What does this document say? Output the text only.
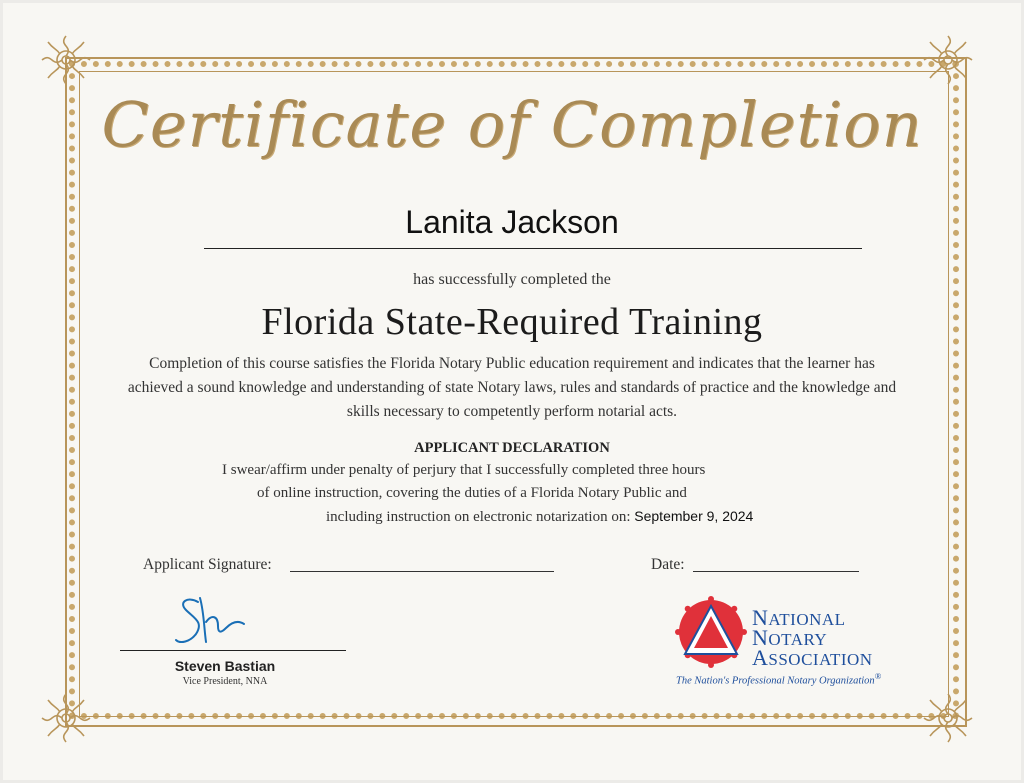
Certificate of Completion
Lanita Jackson
has successfully completed the
Florida State-Required Training
Completion of this course satisfies the Florida Notary Public education requirement and indicates that the learner has achieved a sound knowledge and understanding of state Notary laws, rules and standards of practice and the knowledge and skills necessary to competently perform notarial acts.
APPLICANT DECLARATION
I swear/affirm under penalty of perjury that I successfully completed three hours
of online instruction, covering the duties of a Florida Notary Public and
including instruction on electronic notarization on: September 9, 2024
Applicant Signature:	Date:
Steven Bastian
Vice President, NNA
NATIONAL
NOTARY
ASSOCIATION
The Nation's Professional Notary Organization®
